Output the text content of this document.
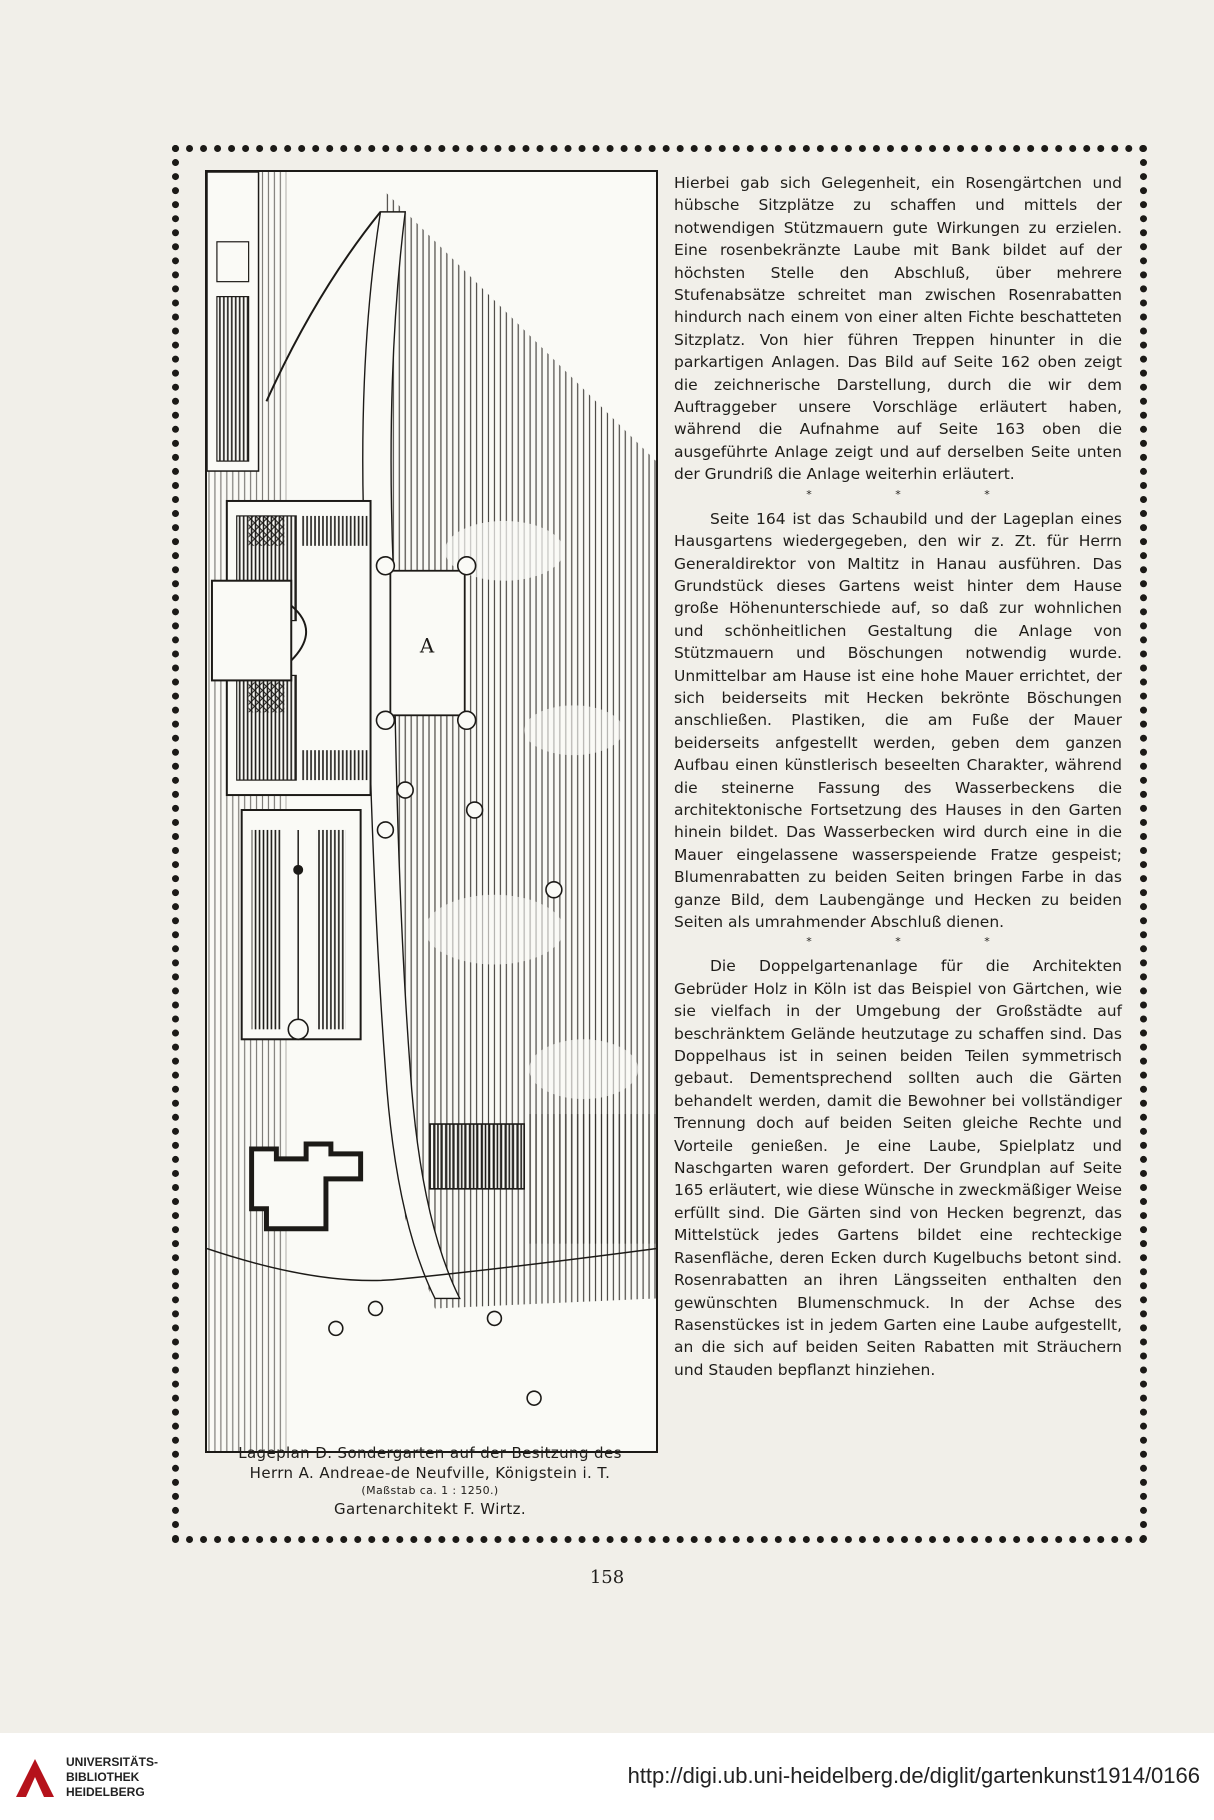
A
Lageplan D. Sondergarten auf der Besitzung des
Herrn A. Andreae-de Neufville, Königstein i. T.
(Maßstab ca. 1 : 1250.)
Gartenarchitekt F. Wirtz.

Hierbei gab sich Gelegenheit, ein Rosengärtchen und hübsche Sitzplätze zu schaffen und mittels der notwendigen Stützmauern gute Wirkungen zu erzielen. Eine rosenbekränzte Laube mit Bank bildet auf der höchsten Stelle den Abschluß, über mehrere Stufenabsätze schreitet man zwischen Rosenrabatten hindurch nach einem von einer alten Fichte beschatteten Sitzplatz. Von hier führen Treppen hinunter in die parkartigen Anlagen. Das Bild auf Seite 162 oben zeigt die zeichnerische Darstellung, durch die wir dem Auftraggeber unsere Vorschläge erläutert haben, während die Aufnahme auf Seite 163 oben die ausgeführte Anlage zeigt und auf derselben Seite unten der Grundriß die Anlage weiterhin erläutert.

* * *

Seite 164 ist das Schaubild und der Lageplan eines Hausgartens wiedergegeben, den wir z. Zt. für Herrn Generaldirektor von Maltitz in Hanau ausführen. Das Grundstück dieses Gartens weist hinter dem Hause große Höhenunterschiede auf, so daß zur wohnlichen und schönheitlichen Gestaltung die Anlage von Stützmauern und Böschungen notwendig wurde. Unmittelbar am Hause ist eine hohe Mauer errichtet, der sich beiderseits mit Hecken bekrönte Böschungen anschließen. Plastiken, die am Fuße der Mauer beiderseits anfgestellt werden, geben dem ganzen Aufbau einen künstlerisch beseelten Charakter, während die steinerne Fassung des Wasserbeckens die architektonische Fortsetzung des Hauses in den Garten hinein bildet. Das Wasserbecken wird durch eine in die Mauer eingelassene wasserspeiende Fratze gespeist; Blumenrabatten zu beiden Seiten bringen Farbe in das ganze Bild, dem Laubengänge und Hecken zu beiden Seiten als umrahmender Abschluß dienen.

* * *

Die Doppelgartenanlage für die Architekten Gebrüder Holz in Köln ist das Beispiel von Gärtchen, wie sie vielfach in der Umgebung der Großstädte auf beschränktem Gelände heutzutage zu schaffen sind. Das Doppelhaus ist in seinen beiden Teilen symmetrisch gebaut. Dementsprechend sollten auch die Gärten behandelt werden, damit die Bewohner bei vollständiger Trennung doch auf beiden Seiten gleiche Rechte und Vorteile genießen. Je eine Laube, Spielplatz und Naschgarten waren gefordert. Der Grundplan auf Seite 165 erläutert, wie diese Wünsche in zweckmäßiger Weise erfüllt sind. Die Gärten sind von Hecken begrenzt, das Mittelstück jedes Gartens bildet eine rechteckige Rasenfläche, deren Ecken durch Kugelbuchs betont sind. Rosenrabatten an ihren Längsseiten enthalten den gewünschten Blumenschmuck. In der Achse des Rasenstückes ist in jedem Garten eine Laube aufgestellt, an die sich auf beiden Seiten Rabatten mit Sträuchern und Stauden bepflanzt hinziehen.

158
UNIVERSITÄTS-
BIBLIOTHEK
HEIDELBERG
http://digi.ub.uni-heidelberg.de/diglit/gartenkunst1914/0166
